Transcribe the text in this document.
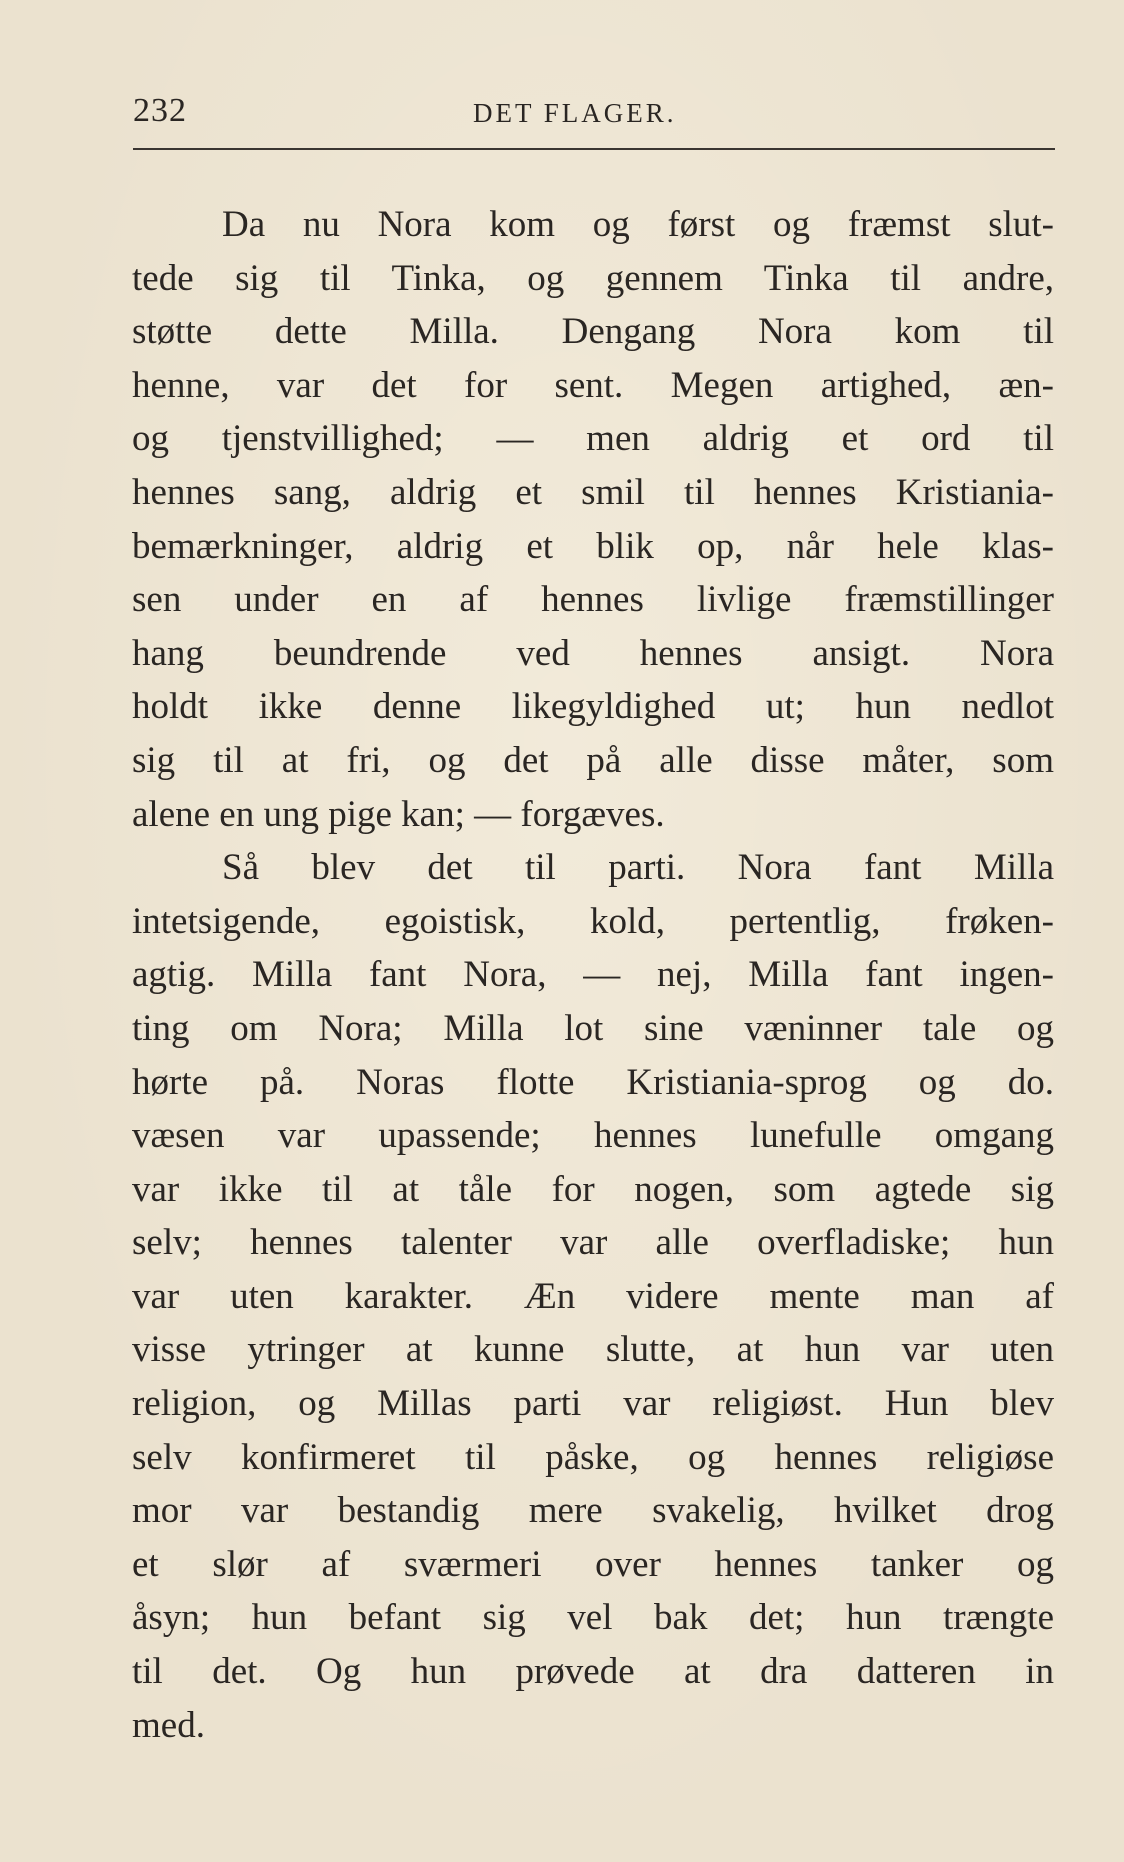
232	DET FLAGER.
Da nu Nora kom og først og fræmst slut-
tede sig til Tinka, og gennem Tinka til andre,
støtte dette Milla. Dengang Nora kom til
henne, var det for sent. Megen artighed, æn-
og tjenstvillighed; — men aldrig et ord til
hennes sang, aldrig et smil til hennes Kristiania-
bemærkninger, aldrig et blik op, når hele klas-
sen under en af hennes livlige fræmstillinger
hang beundrende ved hennes ansigt. Nora
holdt ikke denne likegyldighed ut; hun nedlot
sig til at fri, og det på alle disse måter, som
alene en ung pige kan; — forgæves.
Så blev det til parti. Nora fant Milla
intetsigende, egoistisk, kold, pertentlig, frøken-
agtig. Milla fant Nora, — nej, Milla fant ingen-
ting om Nora; Milla lot sine væninner tale og
hørte på. Noras flotte Kristiania-sprog og do.
væsen var upassende; hennes lunefulle omgang
var ikke til at tåle for nogen, som agtede sig
selv; hennes talenter var alle overfladiske; hun
var uten karakter. Æn videre mente man af
visse ytringer at kunne slutte, at hun var uten
religion, og Millas parti var religiøst. Hun blev
selv konfirmeret til påske, og hennes religiøse
mor var bestandig mere svakelig, hvilket drog
et slør af sværmeri over hennes tanker og
åsyn; hun befant sig vel bak det; hun trængte
til det. Og hun prøvede at dra datteren in
med.
